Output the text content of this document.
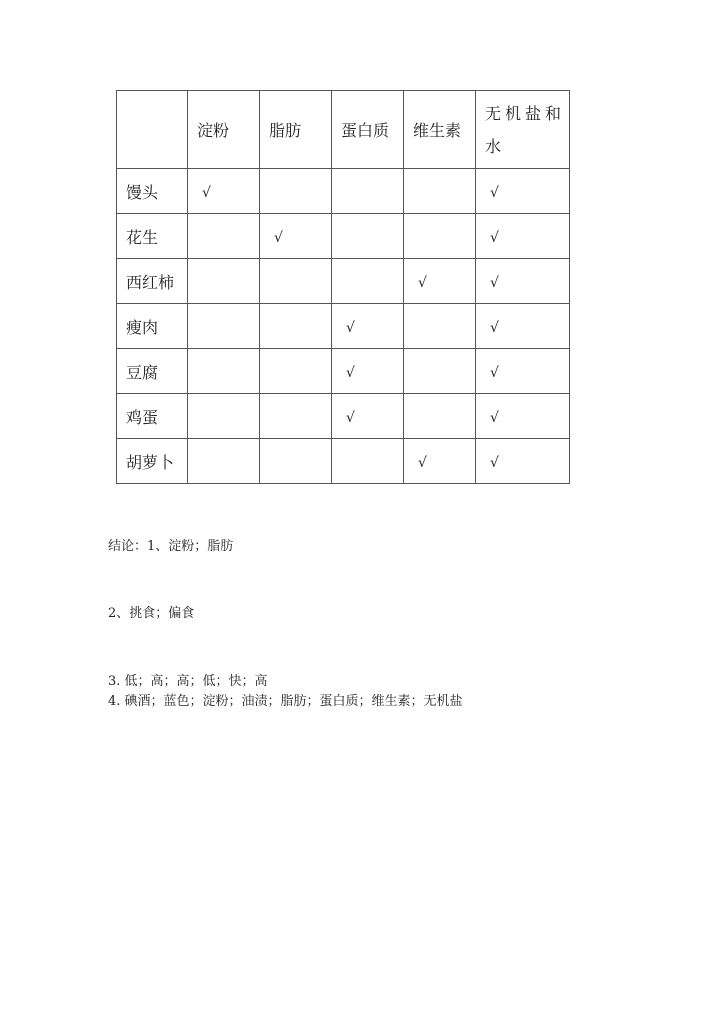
	淀粉	脂肪	蛋白质	维生素	无机盐和水
馒头	√				√
花生		√			√
西红柿				√	√
瘦肉			√		√
豆腐			√		√
鸡蛋			√		√
胡萝卜				√	√
结论：1、淀粉；脂肪
2、挑食；偏食
3. 低；高；高；低；快；高
4. 碘酒；蓝色；淀粉；油渍；脂肪；蛋白质；维生素；无机盐
